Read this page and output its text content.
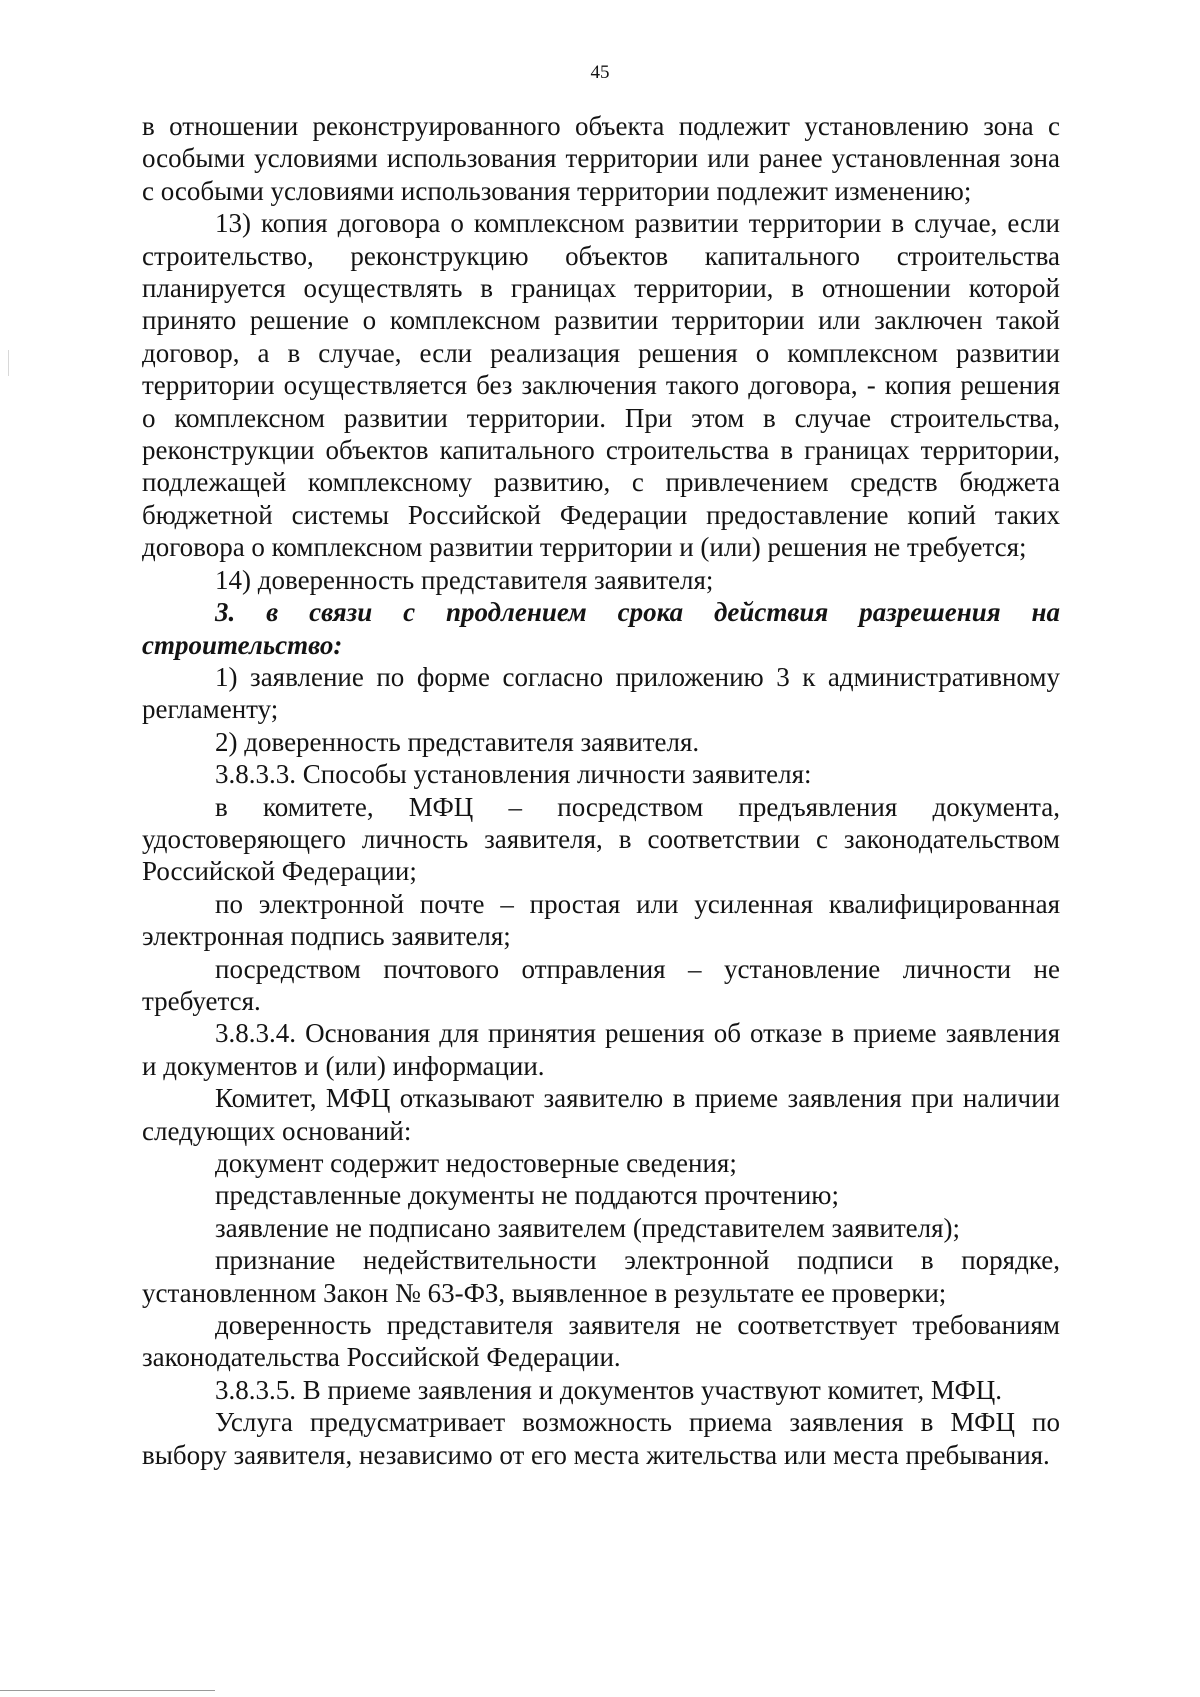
45

в отношении реконструированного объекта подлежит установлению зона с особыми условиями использования территории или ранее установленная зона с особыми условиями использования территории подлежит изменению;

13) копия договора о комплексном развитии территории в случае, если строительство, реконструкцию объектов капитального строительства планируется осуществлять в границах территории, в отношении которой принято решение о комплексном развитии территории или заключен такой договор, а в случае, если реализация решения о комплексном развитии территории осуществляется без заключения такого договора, - копия решения о комплексном развитии территории. При этом в случае строительства, реконструкции объектов капитального строительства в границах территории, подлежащей комплексному развитию, с привлечением средств бюджета бюджетной системы Российской Федерации предоставление копий таких договора о комплексном развитии территории и (или) решения не требуется;

14) доверенность представителя заявителя;

3. в связи с продлением срока действия разрешения на строительство:

1) заявление по форме согласно приложению 3 к административному регламенту;

2) доверенность представителя заявителя.

3.8.3.3. Способы установления личности заявителя:

в комитете, МФЦ – посредством предъявления документа, удостоверяющего личность заявителя, в соответствии с законодательством Российской Федерации;

по электронной почте – простая или усиленная квалифицированная электронная подпись заявителя;

посредством почтового отправления – установление личности не требуется.

3.8.3.4. Основания для принятия решения об отказе в приеме заявления и документов и (или) информации.

Комитет, МФЦ отказывают заявителю в приеме заявления при наличии следующих оснований:

документ содержит недостоверные сведения;

представленные документы не поддаются прочтению;

заявление не подписано заявителем (представителем заявителя);

признание недействительности электронной подписи в порядке, установленном Закон № 63-ФЗ, выявленное в результате ее проверки;

доверенность представителя заявителя не соответствует требованиям законодательства Российской Федерации.

3.8.3.5. В приеме заявления и документов участвуют комитет, МФЦ.

Услуга предусматривает возможность приема заявления в МФЦ по выбору заявителя, независимо от его места жительства или места пребывания.
